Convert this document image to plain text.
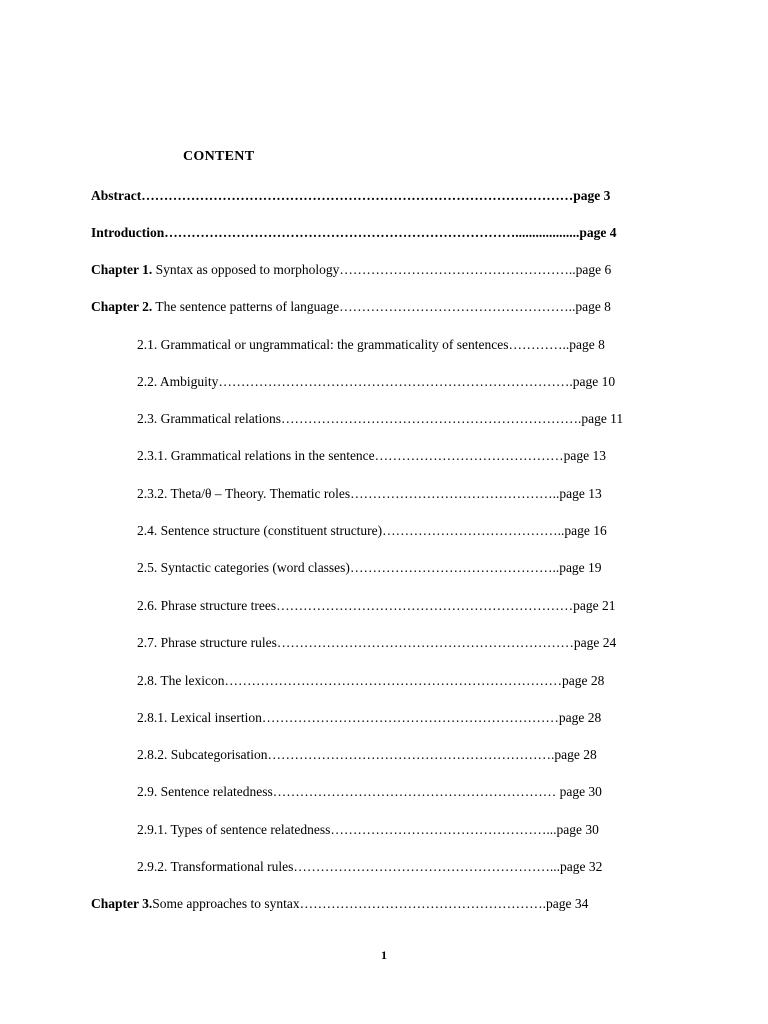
CONTENT
Abstract……………………………………………………………………………………page 3
Introduction……………………………………………………………………...................page 4
Chapter 1. Syntax as opposed to morphology……………………………………………..page 6
Chapter 2. The sentence patterns of language……………………………………………..page 8
2.1. Grammatical or ungrammatical: the grammaticality of sentences…………..page 8
2.2. Ambiguity…………………………………………………………………….page 10
2.3. Grammatical relations………………………………………………………….page 11
2.3.1. Grammatical relations in the sentence……………………………………page 13
2.3.2. Theta/θ – Theory. Thematic roles………………………………………..page 13
2.4. Sentence structure (constituent structure)…………………………………..page 16
2.5. Syntactic categories (word classes)………………………………………..page 19
2.6. Phrase structure trees…………………………………………………………page 21
2.7. Phrase structure rules…………………………………………………………page 24
2.8. The lexicon…………………………………………………………………page 28
2.8.1. Lexical insertion…………………………………………………………page 28
2.8.2. Subcategorisation……………………………………………………….page 28
2.9. Sentence relatedness……………………………………………………… page 30
2.9.1. Types of sentence relatedness…………………………………………...page 30
2.9.2. Transformational rules…………………………………………………...page 32
Chapter 3.Some approaches to syntax……………………………………………….page 34
1
